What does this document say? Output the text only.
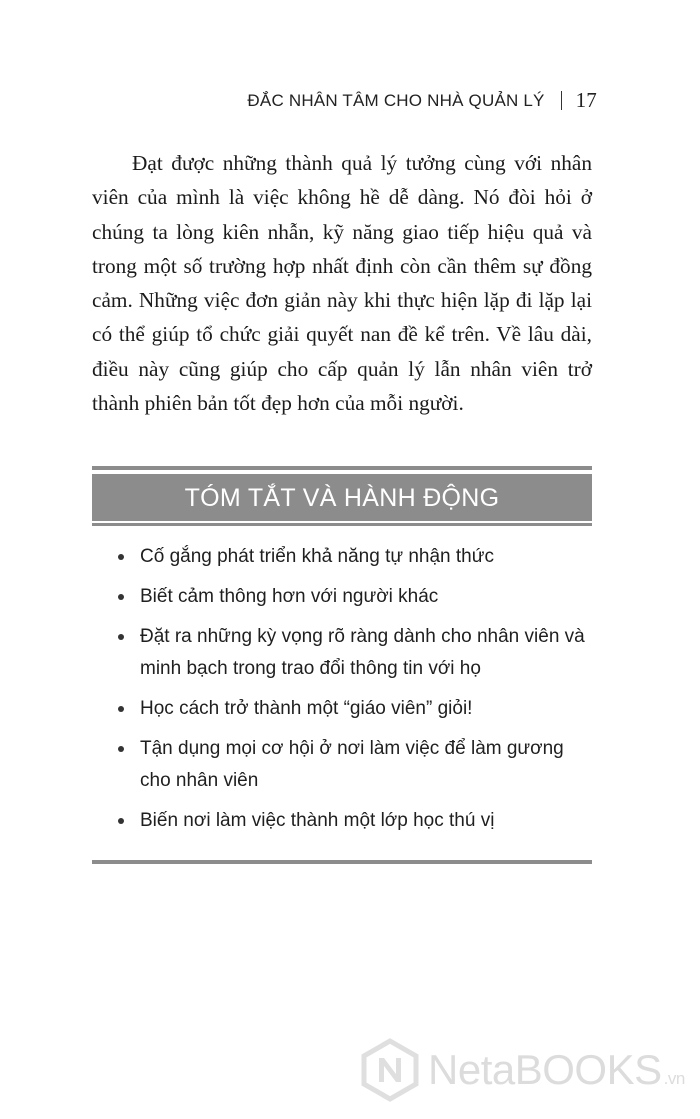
ĐẮC NHÂN TÂM CHO NHÀ QUẢN LÝ 17

Đạt được những thành quả lý tưởng cùng với nhân viên của mình là việc không hề dễ dàng. Nó đòi hỏi ở chúng ta lòng kiên nhẫn, kỹ năng giao tiếp hiệu quả và trong một số trường hợp nhất định còn cần thêm sự đồng cảm. Những việc đơn giản này khi thực hiện lặp đi lặp lại có thể giúp tổ chức giải quyết nan đề kể trên. Về lâu dài, điều này cũng giúp cho cấp quản lý lẫn nhân viên trở thành phiên bản tốt đẹp hơn của mỗi người.

TÓM TẮT VÀ HÀNH ĐỘNG
Cố gắng phát triển khả năng tự nhận thức
Biết cảm thông hơn với người khác
Đặt ra những kỳ vọng rõ ràng dành cho nhân viên và minh bạch trong trao đổi thông tin với họ
Học cách trở thành một “giáo viên” giỏi!
Tận dụng mọi cơ hội ở nơi làm việc để làm gương cho nhân viên
Biến nơi làm việc thành một lớp học thú vị
NetaBOOKS .vn
